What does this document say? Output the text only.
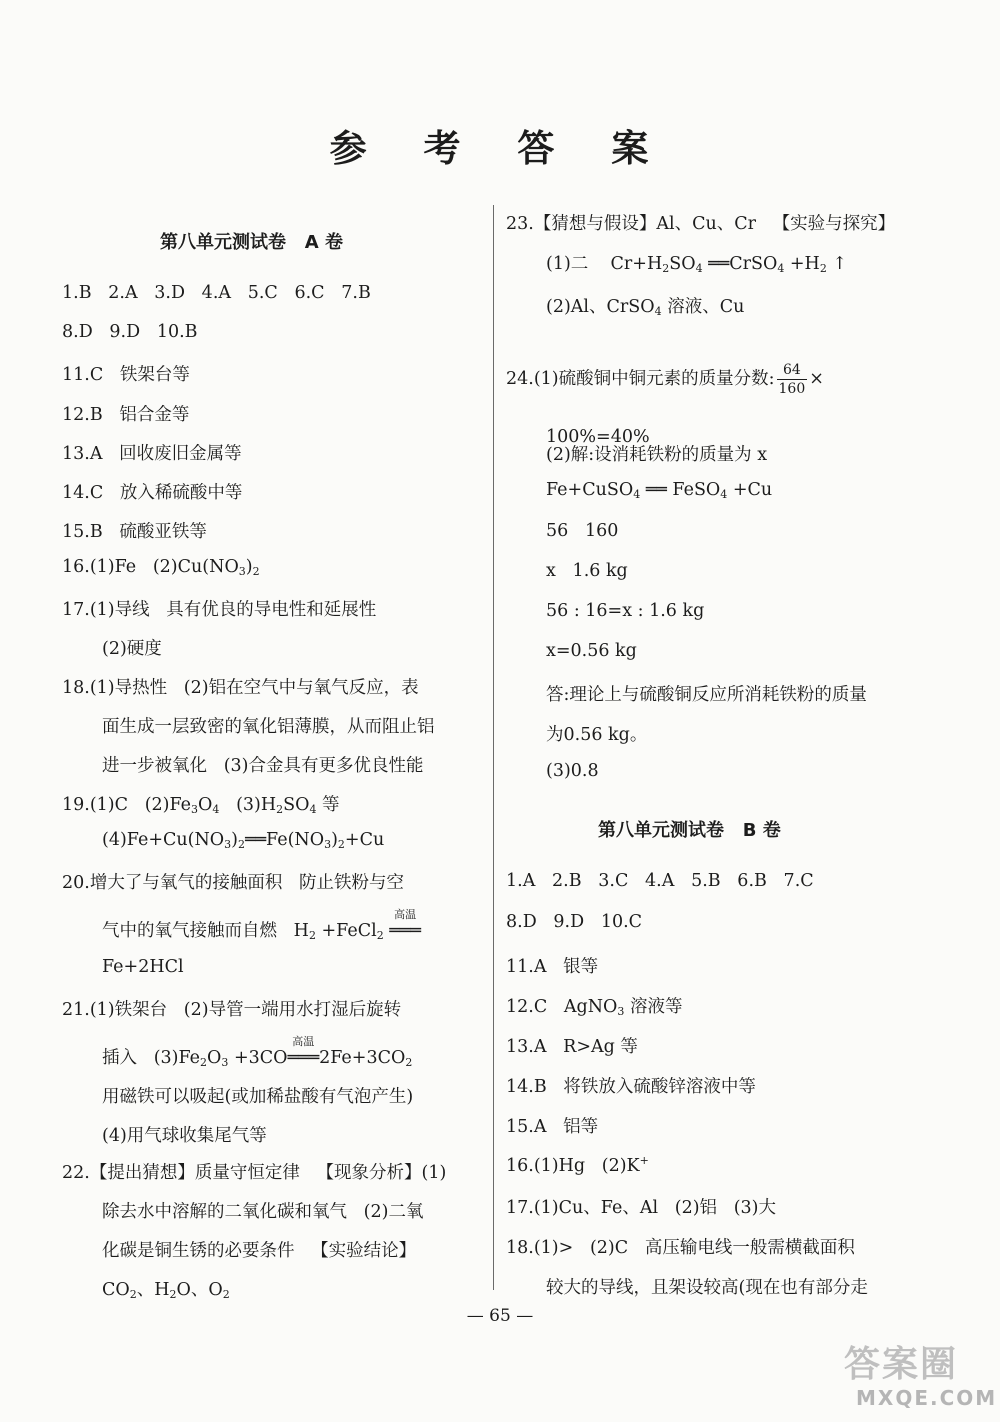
参 考 答 案
第八单元测试卷   A 卷
1.B   2.A   3.D   4.A   5.C   6.C   7.B
8.D   9.D   10.B
11.C   铁架台等
12.B   铝合金等
13.A   回收废旧金属等
14.C   放入稀硫酸中等
15.B   硫酸亚铁等
16.(1)Fe   $(2)Cu(NO_3)_2$
17.(1)导线   具有优良的导电性和延展性
(2)硬度
18.(1)导热性   (2)铝在空气中与氧气反应，表
面生成一层致密的氧化铝薄膜，从而阻止铝
进一步被氧化   (3)合金具有更多优良性能
19.(1)C   $(2)Fe_3O_4$   $(3)H_2SO_4$ 等
$(4)Fe+Cu(NO_3)_2══Fe(NO_3)_2+Cu$
20.增大了与氧气的接触面积   防止铁粉与空
气中的氧气接触而自燃   $H_2$ +FeCl$_2$
高温
═══
Fe+2HCl
21.(1)铁架台   (2)导管一端用水打湿后旋转
插入   $(3)Fe_2O_3 +3CO$
高温
$═══2Fe+3CO_2$
用磁铁可以吸起(或加稀盐酸有气泡产生)
(4)用气球收集尾气等
22.【提出猜想】质量守恒定律   【现象分析】(1)
除去水中溶解的二氧化碳和氧气   (2)二氧
化碳是铜生锈的必要条件   【实验结论】
$CO_2$、$H_2O$、$O_2$
23.【猜想与假设】Al、Cu、Cr   【实验与探究】
(1)二    $Cr+H_2SO_4$ ══CrSO$_4$ $+H_2$ ↑
(2)Al、CrSO$_4$ 溶液、Cu
24.(1)硫酸铜中铜元素的质量分数: $\frac{64}{160}$ ×
100%=40%
(2)解:设消耗铁粉的质量为 x
Fe+CuSO$_4$ ══ FeSO$_4$ +Cu
56   160
x   1.6 kg
56 : 16=x : 1.6 kg
x=0.56 kg
答:理论上与硫酸铜反应所消耗铁粉的质量
为0.56 kg。
(3)0.8
第八单元测试卷   B 卷
1.A   2.B   3.C   4.A   5.B   6.B   7.C
8.D   9.D   10.C
11.A   银等
12.C   AgNO$_3$ 溶液等
13.A   R>Ag 等
14.B   将铁放入硫酸锌溶液中等
15.A   铝等
16.(1)Hg   (2)K+
17.(1)Cu、Fe、Al   (2)铝   (3)大
18.(1)>   (2)C   高压输电线一般需横截面积
较大的导线，且架设较高(现在也有部分走
— 65 —
答案圈
MXQE.COM
